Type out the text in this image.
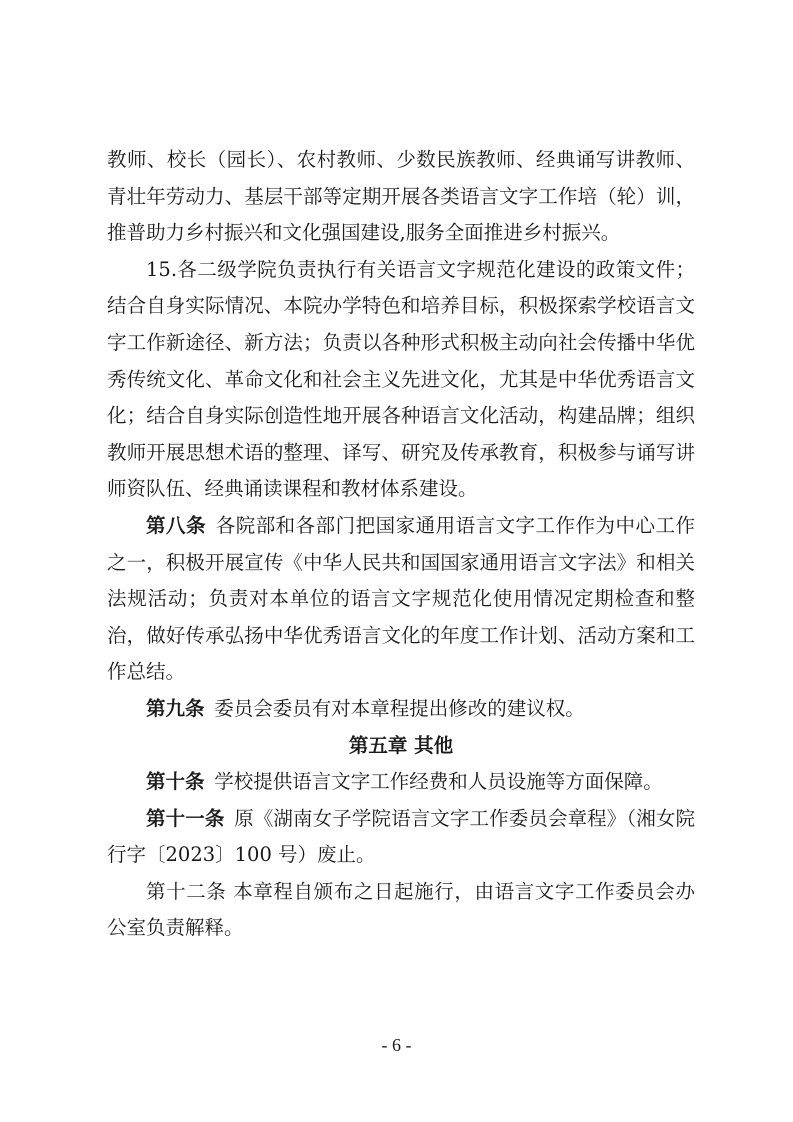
教师、校长（园长）、农村教师、少数民族教师、经典诵写讲教师、青壮年劳动力、基层干部等定期开展各类语言文字工作培（轮）训，推普助力乡村振兴和文化强国建设,服务全面推进乡村振兴。

15.各二级学院负责执行有关语言文字规范化建设的政策文件；结合自身实际情况、本院办学特色和培养目标，积极探索学校语言文字工作新途径、新方法；负责以各种形式积极主动向社会传播中华优秀传统文化、革命文化和社会主义先进文化，尤其是中华优秀语言文化；结合自身实际创造性地开展各种语言文化活动，构建品牌；组织教师开展思想术语的整理、译写、研究及传承教育，积极参与诵写讲师资队伍、经典诵读课程和教材体系建设。

第八条 各院部和各部门把国家通用语言文字工作作为中心工作之一，积极开展宣传《中华人民共和国国家通用语言文字法》和相关法规活动；负责对本单位的语言文字规范化使用情况定期检查和整治，做好传承弘扬中华优秀语言文化的年度工作计划、活动方案和工作总结。

第九条 委员会委员有对本章程提出修改的建议权。

第五章 其他

第十条 学校提供语言文字工作经费和人员设施等方面保障。

第十一条 原《湖南女子学院语言文字工作委员会章程》（湘女院行字〔2023〕100 号）废止。

第十二条 本章程自颁布之日起施行，由语言文字工作委员会办公室负责解释。

- 6 -
